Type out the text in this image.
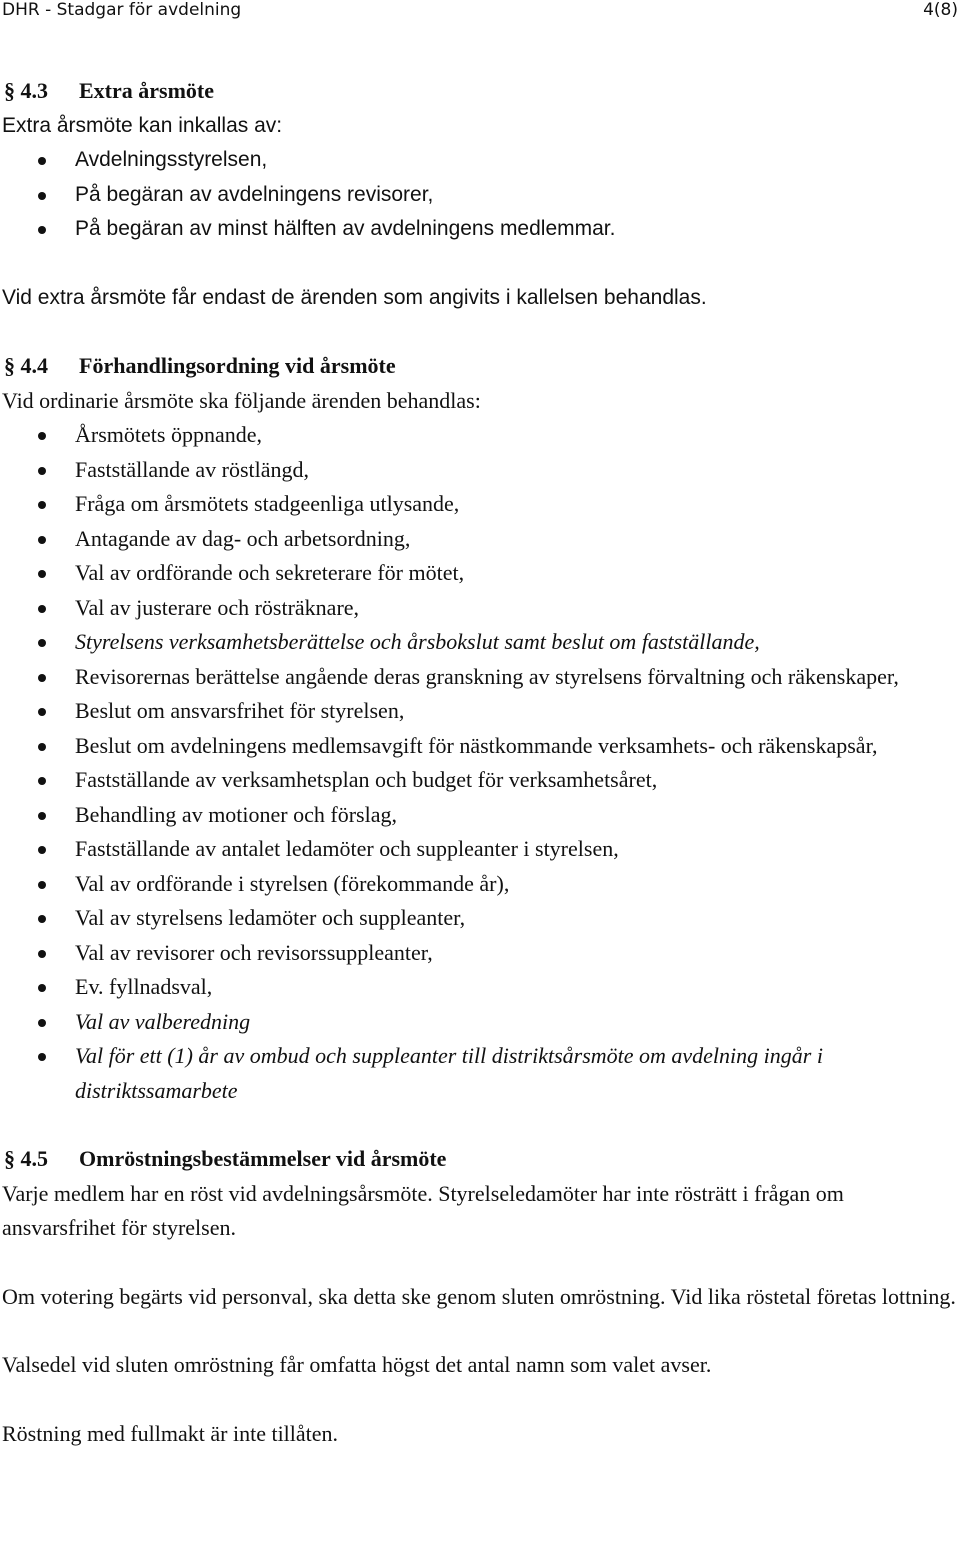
DHR - Stadgar för avdelning	4(8)

§ 4.3 Extra årsmöte

Extra årsmöte kan inkallas av:

Avdelningsstyrelsen,
På begäran av avdelningens revisorer,
På begäran av minst hälften av avdelningens medlemmar.

Vid extra årsmöte får endast de ärenden som angivits i kallelsen behandlas.

§ 4.4 Förhandlingsordning vid årsmöte

Vid ordinarie årsmöte ska följande ärenden behandlas:

Årsmötets öppnande,
Fastställande av röstlängd,
Fråga om årsmötets stadgeenliga utlysande,
Antagande av dag- och arbetsordning,
Val av ordförande och sekreterare för mötet,
Val av justerare och rösträknare,
Styrelsens verksamhetsberättelse och årsbokslut samt beslut om fastställande,
Revisorernas berättelse angående deras granskning av styrelsens förvaltning och räkenskaper,
Beslut om ansvarsfrihet för styrelsen,
Beslut om avdelningens medlemsavgift för nästkommande verksamhets- och räkenskapsår,
Fastställande av verksamhetsplan och budget för verksamhetsåret,
Behandling av motioner och förslag,
Fastställande av antalet ledamöter och suppleanter i styrelsen,
Val av ordförande i styrelsen (förekommande år),
Val av styrelsens ledamöter och suppleanter,
Val av revisorer och revisorssuppleanter,
Ev. fyllnadsval,
Val av valberedning
Val för ett (1) år av ombud och suppleanter till distriktsårsmöte om avdelning ingår i distriktssamarbete

§ 4.5 Omröstningsbestämmelser vid årsmöte

Varje medlem har en röst vid avdelningsårsmöte. Styrelseledamöter har inte rösträtt i frågan om ansvarsfrihet för styrelsen.

Om votering begärts vid personval, ska detta ske genom sluten omröstning. Vid lika röstetal företas lottning.

Valsedel vid sluten omröstning får omfatta högst det antal namn som valet avser.

Röstning med fullmakt är inte tillåten.
